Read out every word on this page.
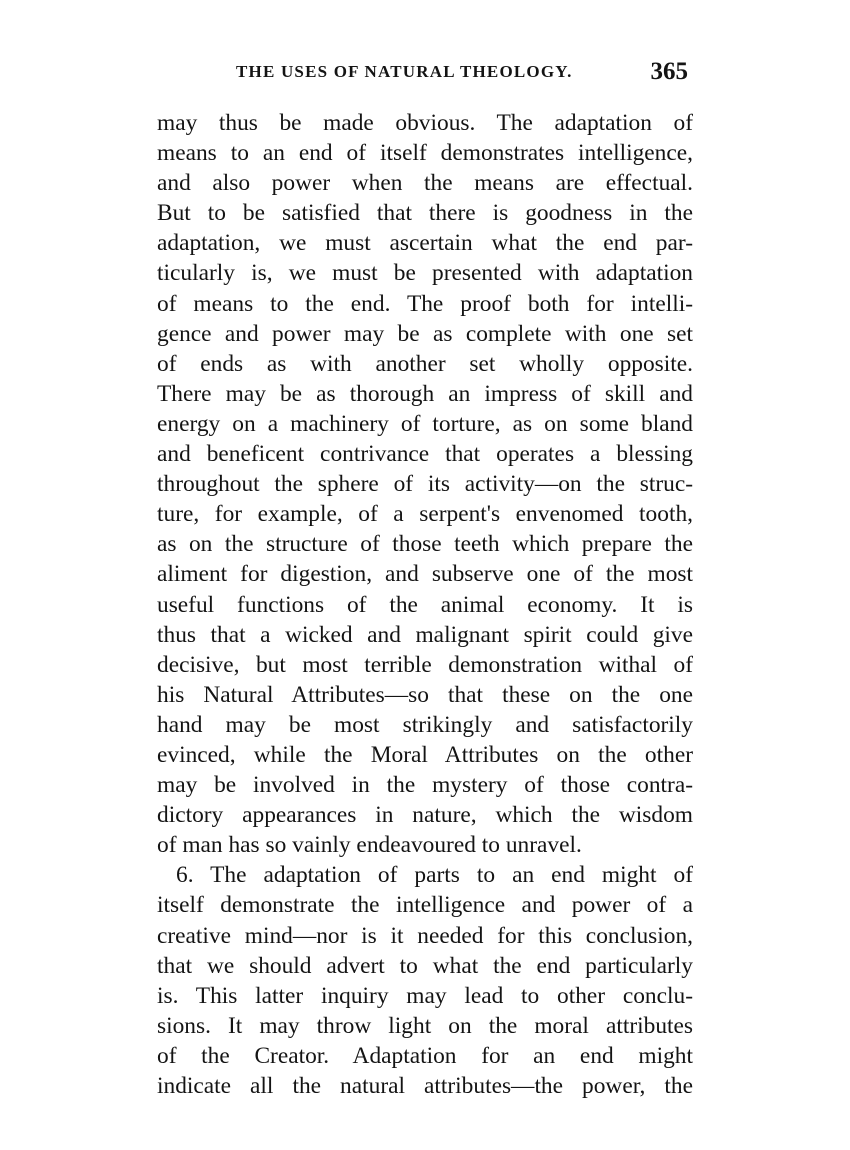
THE USES OF NATURAL THEOLOGY.	365
may thus be made obvious. The adaptation of
means to an end of itself demonstrates intelligence,
and also power when the means are effectual.
But to be satisfied that there is goodness in the
adaptation, we must ascertain what the end par-
ticularly is, we must be presented with adaptation
of means to the end. The proof both for intelli-
gence and power may be as complete with one set
of ends as with another set wholly opposite.
There may be as thorough an impress of skill and
energy on a machinery of torture, as on some bland
and beneficent contrivance that operates a blessing
throughout the sphere of its activity—on the struc-
ture, for example, of a serpent's envenomed tooth,
as on the structure of those teeth which prepare the
aliment for digestion, and subserve one of the most
useful functions of the animal economy. It is
thus that a wicked and malignant spirit could give
decisive, but most terrible demonstration withal of
his Natural Attributes—so that these on the one
hand may be most strikingly and satisfactorily
evinced, while the Moral Attributes on the other
may be involved in the mystery of those contra-
dictory appearances in nature, which the wisdom
of man has so vainly endeavoured to unravel.
6. The adaptation of parts to an end might of
itself demonstrate the intelligence and power of a
creative mind—nor is it needed for this conclusion,
that we should advert to what the end particularly
is. This latter inquiry may lead to other conclu-
sions. It may throw light on the moral attributes
of the Creator. Adaptation for an end might
indicate all the natural attributes—the power, the
